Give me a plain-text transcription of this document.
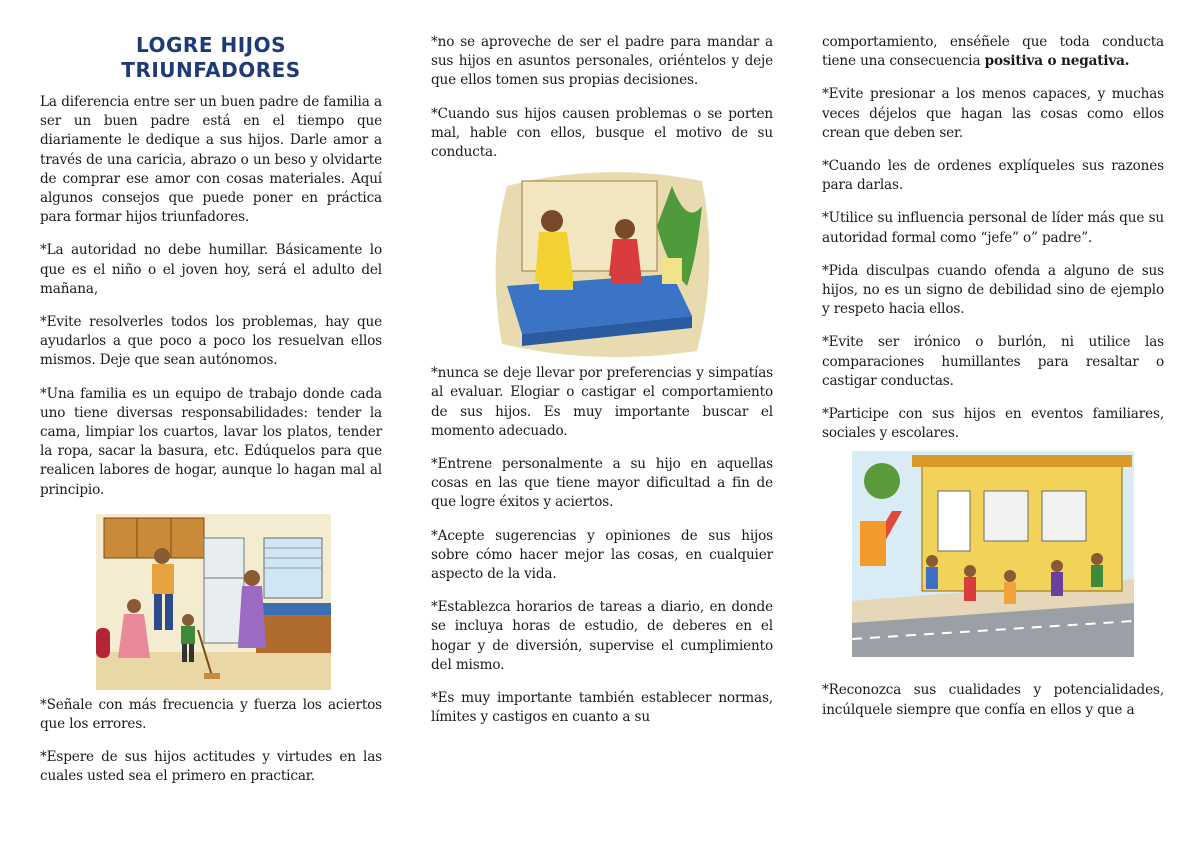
LOGRE HIJOS
TRIUNFADORES

La diferencia entre ser un buen padre de familia a ser un buen padre está en el tiempo que diariamente le dedique a sus hijos. Darle amor a través de una caricia, abrazo o un beso y olvidarte de comprar ese amor con cosas materiales. Aquí algunos consejos que puede poner en práctica para formar hijos triunfadores.

*La autoridad no debe humillar. Básicamente lo que es el niño o el joven hoy, será el adulto del mañana,

*Evite resolverles todos los problemas, hay que ayudarlos a que poco a poco los resuelvan ellos mismos. Deje que sean autónomos.

*Una familia es un equipo de trabajo donde cada uno tiene diversas responsabilidades: tender la cama, limpiar los cuartos, lavar los platos, tender la ropa, sacar la basura, etc. Edúquelos para que realicen labores de hogar, aunque lo hagan mal al principio.

*Señale con más frecuencia y fuerza los aciertos que los errores.

*Espere de sus hijos actitudes y virtudes en las cuales usted sea el primero en practicar.

*no se aproveche de ser el padre para mandar a sus hijos en asuntos personales, oriéntelos y deje que ellos tomen sus propias decisiones.

*Cuando sus hijos causen problemas o se porten mal, hable con ellos, busque el motivo de su conducta.

*nunca se deje llevar por preferencias y simpatías al evaluar. Elogiar o castigar el comportamiento de sus hijos. Es muy importante buscar el momento adecuado.

*Entrene personalmente a su hijo en aquellas cosas en las que tiene mayor dificultad a fin de que logre éxitos y aciertos.

*Acepte sugerencias y opiniones de sus hijos sobre cómo hacer mejor las cosas, en cualquier aspecto de la vida.

*Establezca horarios de tareas a diario, en donde se incluya horas de estudio, de deberes en el hogar y de diversión, supervise el cumplimiento del mismo.

*Es muy importante también establecer normas, límites y castigos en cuanto a su

comportamiento, enséñele que toda conducta tiene una consecuencia positiva o negativa.

*Evite presionar a los menos capaces, y muchas veces déjelos que hagan las cosas como ellos crean que deben ser.

*Cuando les de ordenes explíqueles sus razones para darlas.

*Utilice su influencia personal de líder más que su autoridad formal como “jefe” o” padre”.

*Pida disculpas cuando ofenda a alguno de sus hijos, no es un signo de debilidad sino de ejemplo y respeto hacia ellos.

*Evite ser irónico o burlón, ni utilice las comparaciones humillantes para resaltar o castigar conductas.

*Participe con sus hijos en eventos familiares, sociales y escolares.

*Reconozca sus cualidades y potencialidades, incúlquele siempre que confía en ellos y que a
